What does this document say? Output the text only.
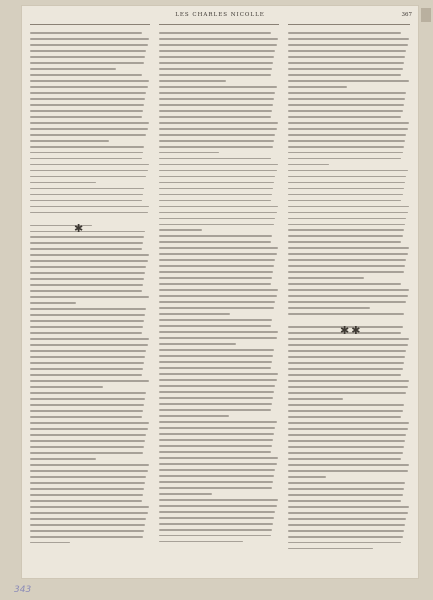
LES CHARLES NICOLLE	367
✱
✱✱
343
